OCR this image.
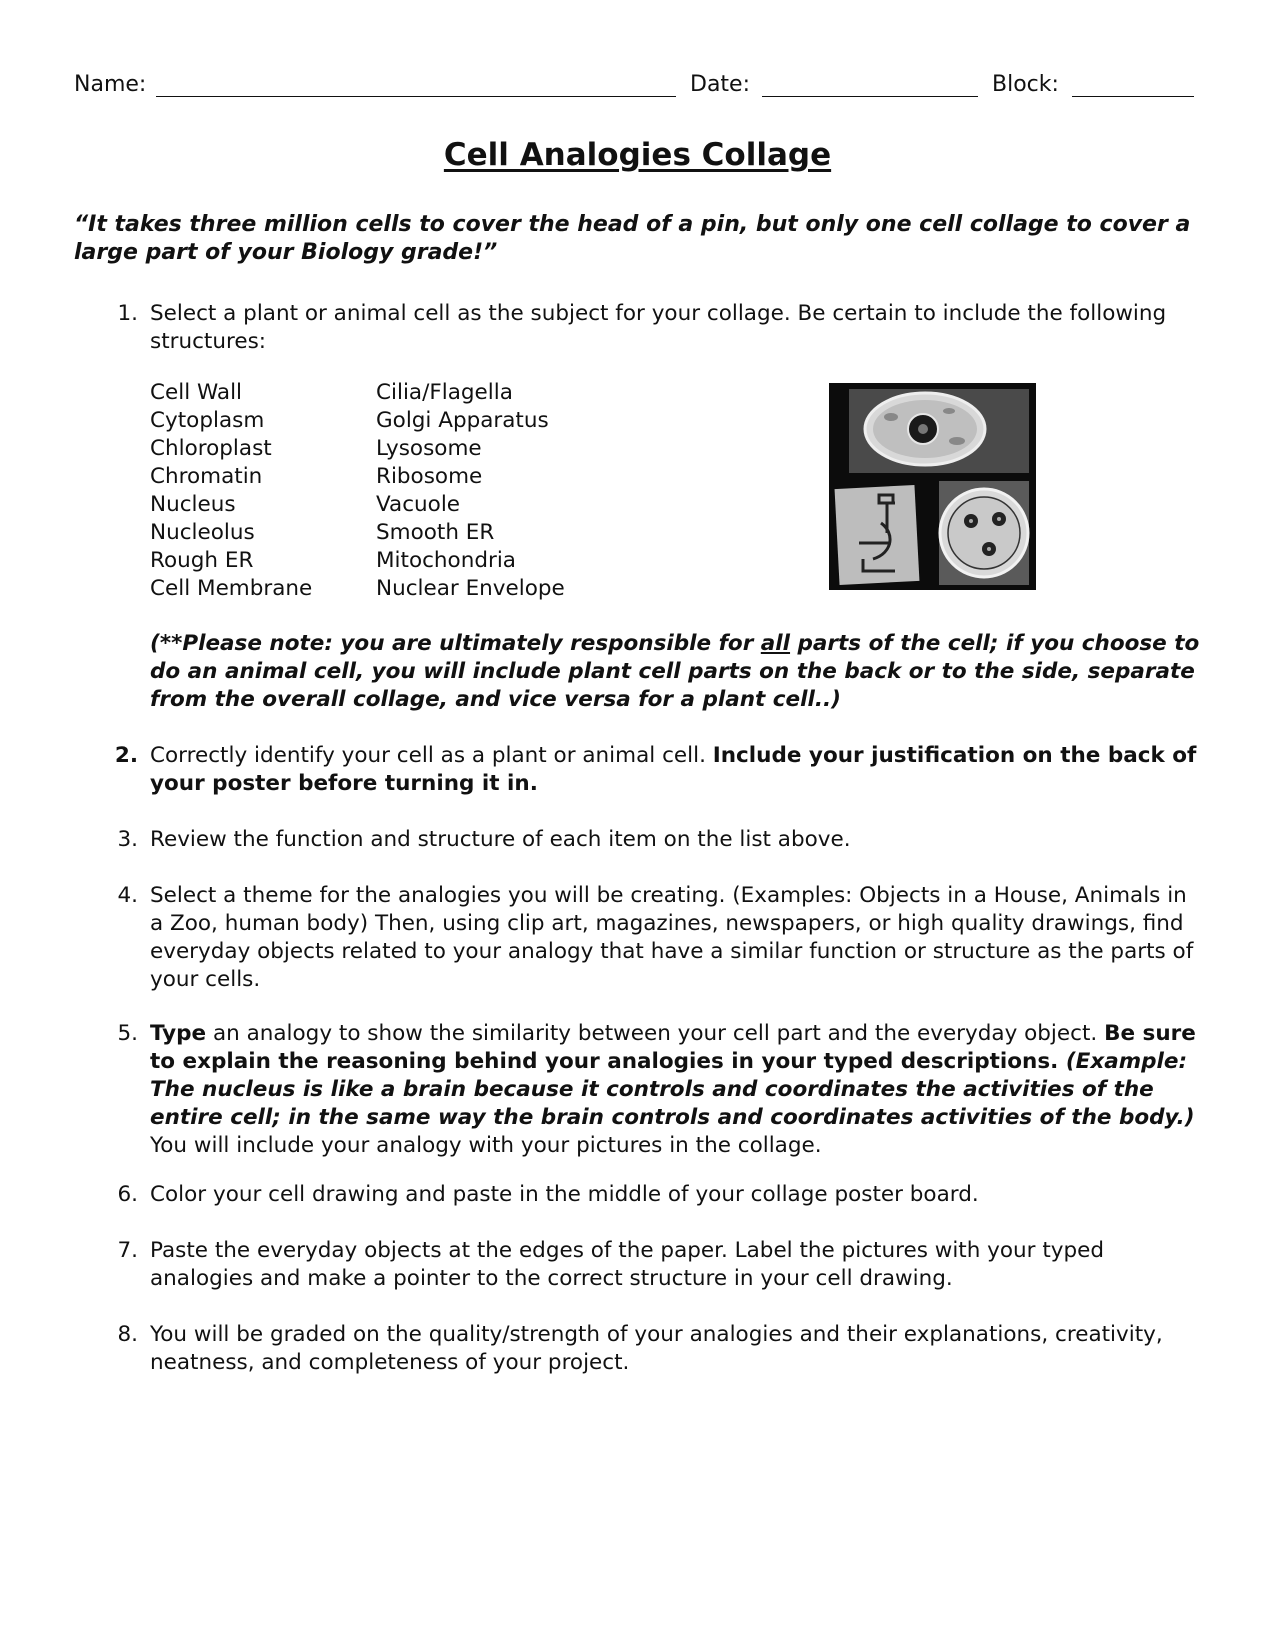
Name:	Date:	Block:
Cell Analogies Collage
“It takes three million cells to cover the head of a pin, but only one cell collage to cover a large part of your Biology grade!”
1. Select a plant or animal cell as the subject for your collage. Be certain to include the following structures:
Cell Wall
Cytoplasm
Chloroplast
Chromatin
Nucleus
Nucleolus
Rough ER
Cell Membrane
Cilia/Flagella
Golgi Apparatus
Lysosome
Ribosome
Vacuole
Smooth ER
Mitochondria
Nuclear Envelope
(**Please note: you are ultimately responsible for all parts of the cell; if you choose to do an animal cell, you will include plant cell parts on the back or to the side, separate from the overall collage, and vice versa for a plant cell..)
2. Correctly identify your cell as a plant or animal cell. Include your justification on the back of your poster before turning it in.
3. Review the function and structure of each item on the list above.
4. Select a theme for the analogies you will be creating. (Examples: Objects in a House, Animals in a Zoo, human body) Then, using clip art, magazines, newspapers, or high quality drawings, find everyday objects related to your analogy that have a similar function or structure as the parts of your cells.
5. Type an analogy to show the similarity between your cell part and the everyday object. Be sure to explain the reasoning behind your analogies in your typed descriptions. (Example: The nucleus is like a brain because it controls and coordinates the activities of the entire cell; in the same way the brain controls and coordinates activities of the body.) You will include your analogy with your pictures in the collage.
6. Color your cell drawing and paste in the middle of your collage poster board.
7. Paste the everyday objects at the edges of the paper. Label the pictures with your typed analogies and make a pointer to the correct structure in your cell drawing.
8. You will be graded on the quality/strength of your analogies and their explanations, creativity, neatness, and completeness of your project.
